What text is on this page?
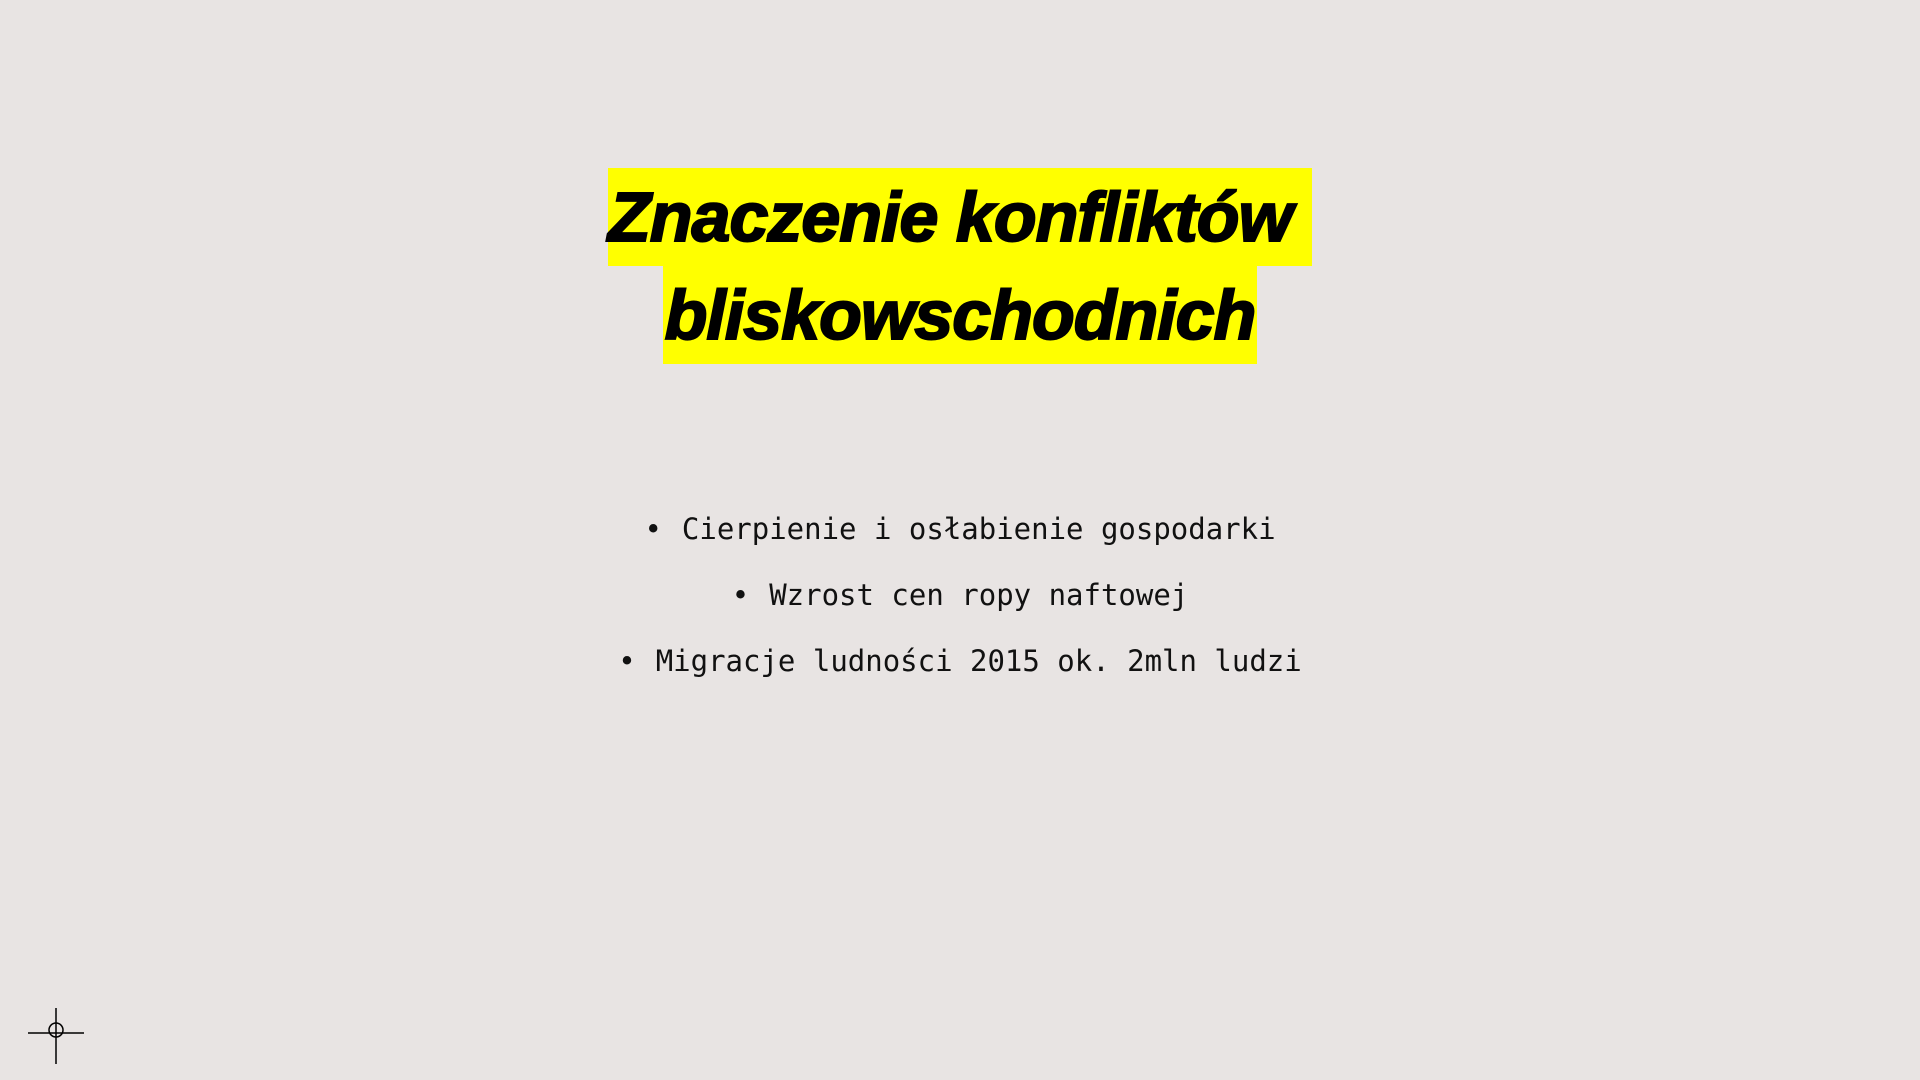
Znaczenie konfliktów
bliskowschodnich
• Cierpienie i osłabienie gospodarki
• Wzrost cen ropy naftowej
• Migracje ludności 2015 ok. 2mln ludzi
